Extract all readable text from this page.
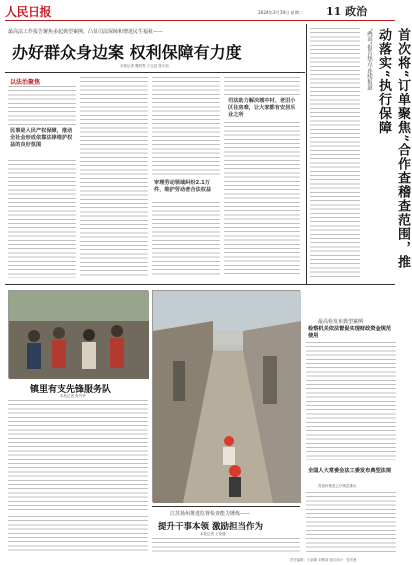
人民日报	2024年3月19日 星期二 11 政治
最高法工作报告聚焦多起典型案例，凸显司法保障和增进民生福祉——
办好群众身边案 权利保障有力度
本报记者 魏哲哲 亓玉昆 张天培
以法治聚焦
民事是人民产权保障，推动全社会形成依靠法律维护权益的良好氛围
审理劳动领域纠纷2.1万件，维护劳动者合法权益
司法助力解决城中村、老旧小区住房难，让大家都有安居乐业之所
“两高”报告热点·连续报道	首次将“订单聚焦”合作查稽查范围，推动落实“执行保障
镇里有支先锋服务队
本报记者 张丹华
最高检发布典型案例
检察机关依法督促实现财政资金规范使用
全国人大常委会法工委发布典型法规
将加快推进立法规范推出
江苏扬州推进监督检查能力锤炼——
提升干事本领 激励担当作为
本报记者 王伟健
责任编辑：王新颖 刘维涛 版式设计：张芳曼
